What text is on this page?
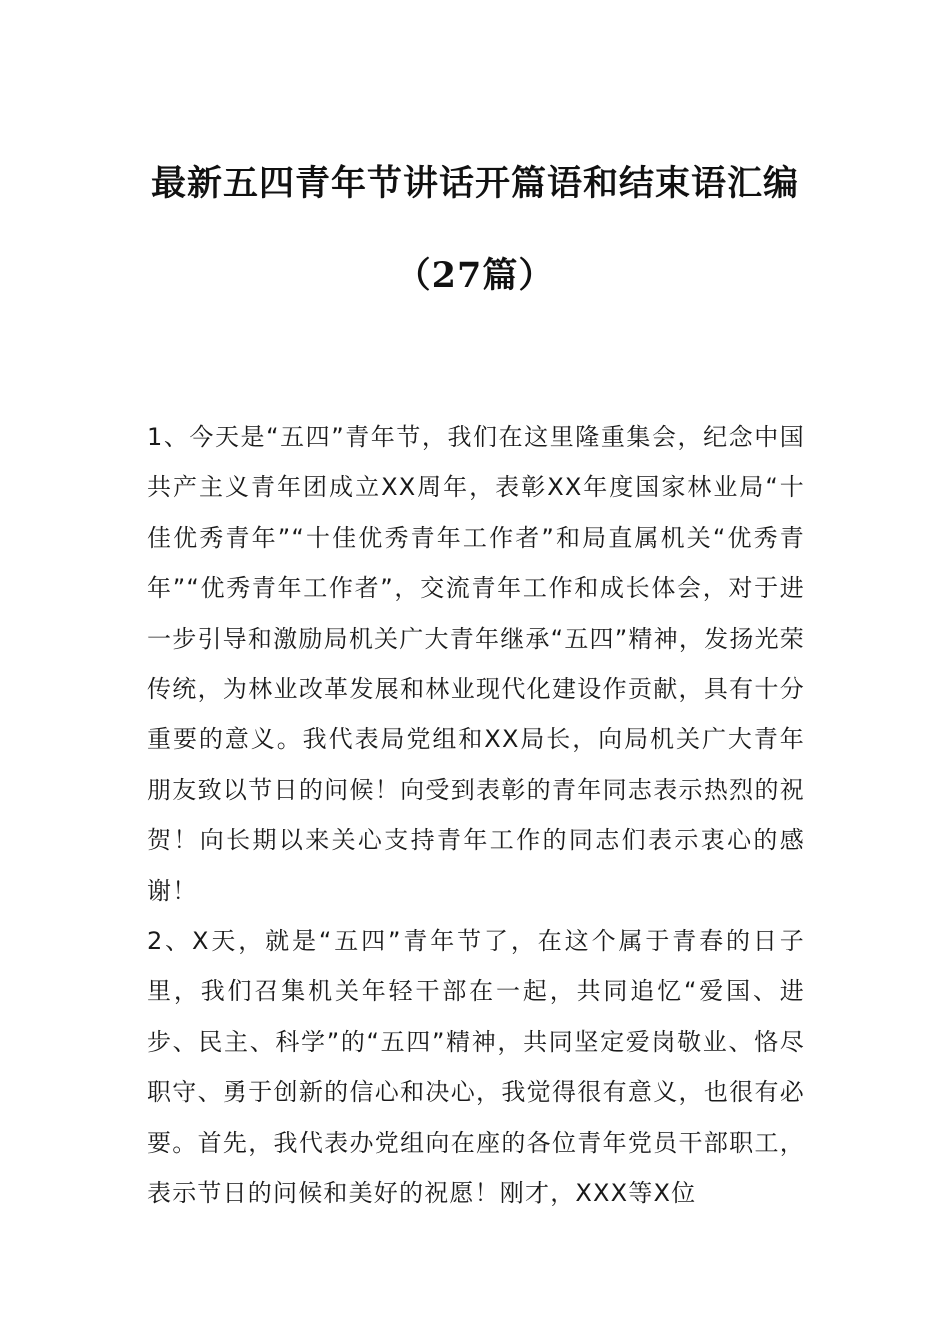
最新五四青年节讲话开篇语和结束语汇编
（27篇）

1、今天是“五四”青年节，我们在这里隆重集会，纪念中国共产主义青年团成立XX周年，表彰XX年度国家林业局“十佳优秀青年”“十佳优秀青年工作者”和局直属机关“优秀青年”“优秀青年工作者”，交流青年工作和成长体会，对于进一步引导和激励局机关广大青年继承“五四”精神，发扬光荣传统，为林业改革发展和林业现代化建设作贡献，具有十分重要的意义。我代表局党组和XX局长，向局机关广大青年朋友致以节日的问候！向受到表彰的青年同志表示热烈的祝贺！向长期以来关心支持青年工作的同志们表示衷心的感谢！

2、X天，就是“五四”青年节了，在这个属于青春的日子里，我们召集机关年轻干部在一起，共同追忆“爱国、进步、民主、科学”的“五四”精神，共同坚定爱岗敬业、恪尽职守、勇于创新的信心和决心，我觉得很有意义，也很有必要。首先，我代表办党组向在座的各位青年党员干部职工，表示节日的问候和美好的祝愿！刚才，XXX等X位
